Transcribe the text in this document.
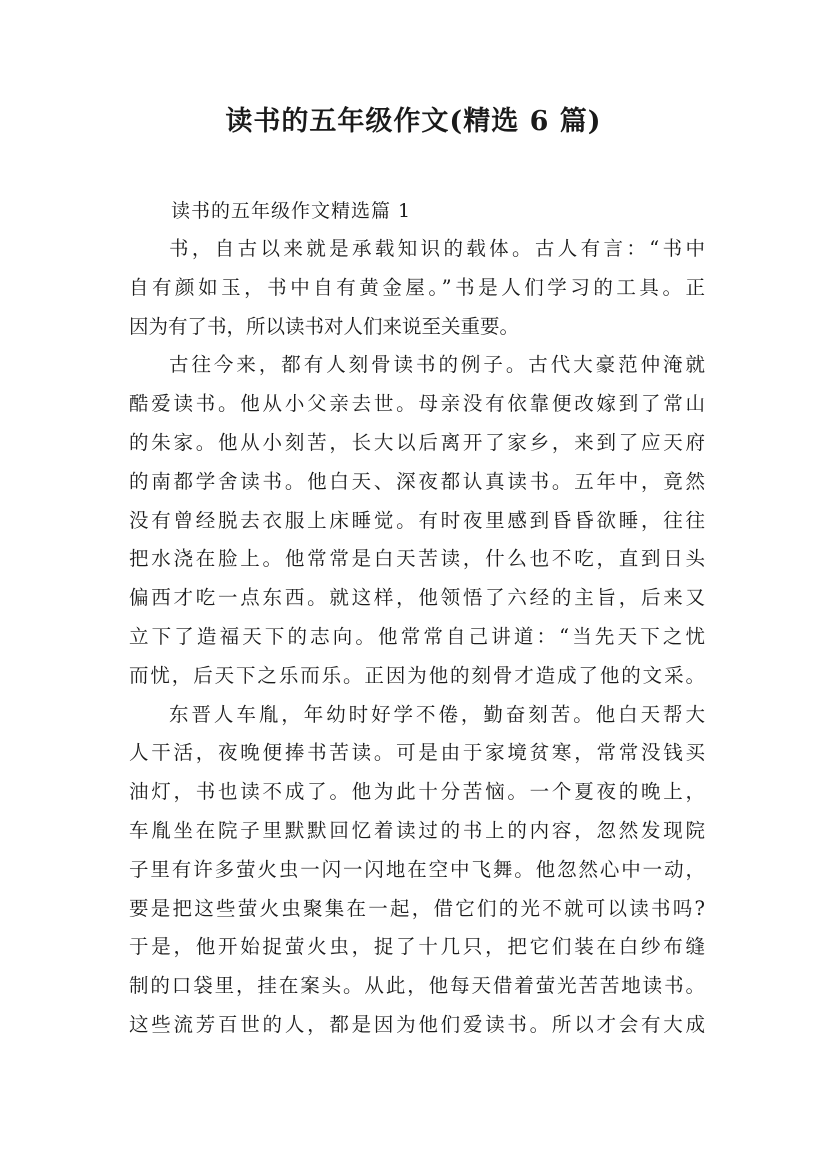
读书的五年级作文(精选 6 篇)
读书的五年级作文精选篇 1
书，自古以来就是承载知识的载体。古人有言：“书中
自有颜如玉，书中自有黄金屋。”书是人们学习的工具。正
因为有了书，所以读书对人们来说至关重要。
古往今来，都有人刻骨读书的例子。古代大豪范仲淹就
酷爱读书。他从小父亲去世。母亲没有依靠便改嫁到了常山
的朱家。他从小刻苦，长大以后离开了家乡，来到了应天府
的南都学舍读书。他白天、深夜都认真读书。五年中，竟然
没有曾经脱去衣服上床睡觉。有时夜里感到昏昏欲睡，往往
把水浇在脸上。他常常是白天苦读，什么也不吃，直到日头
偏西才吃一点东西。就这样，他领悟了六经的主旨，后来又
立下了造福天下的志向。他常常自己讲道：“当先天下之忧
而忧，后天下之乐而乐。正因为他的刻骨才造成了他的文采。
东晋人车胤，年幼时好学不倦，勤奋刻苦。他白天帮大
人干活，夜晚便捧书苦读。可是由于家境贫寒，常常没钱买
油灯，书也读不成了。他为此十分苦恼。一个夏夜的晚上，
车胤坐在院子里默默回忆着读过的书上的内容，忽然发现院
子里有许多萤火虫一闪一闪地在空中飞舞。他忽然心中一动，
要是把这些萤火虫聚集在一起，借它们的光不就可以读书吗?
于是，他开始捉萤火虫，捉了十几只，把它们装在白纱布缝
制的口袋里，挂在案头。从此，他每天借着萤光苦苦地读书。
这些流芳百世的人，都是因为他们爱读书。所以才会有大成
